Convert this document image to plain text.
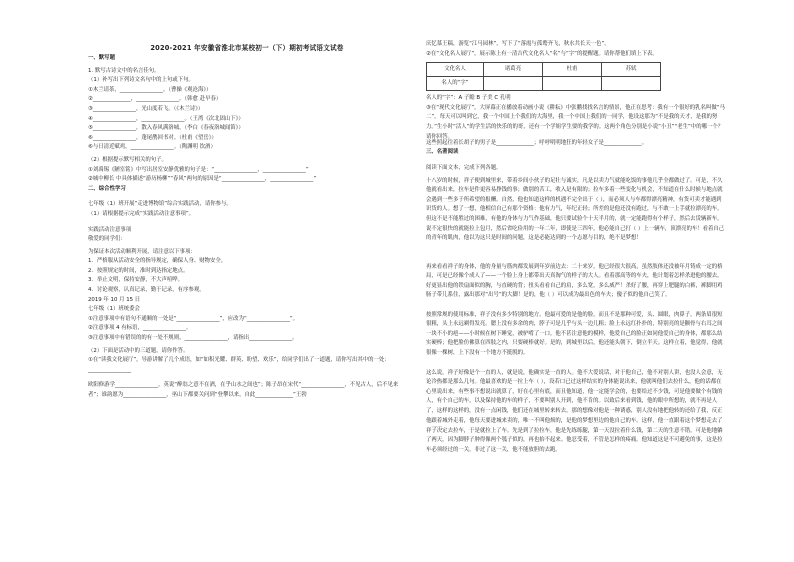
2020-2021 年安徽省淮北市某校初一（下）期初考试语文试卷
一、默写题
1. 默写古诗文中的名言佳句。
（1）补写出下列诗文名句中的上句或下句。
①木兰请茶，________________。（曹操《观沧海》）
②______________，________________。（韩愈 赴早春）
③________________，光山度若飞。（《木兰诗》）
④________________，________________。（王湾《次北固山下》）
⑤________________，散入春风满洛城。（李白《春夜洛城闻笛》）
⑥________________，蓬尾鹊回书对。（杜甫《望岳》）
⑥与日清近赋鸡，________________。（陶渊明 饮酒）
（2）根据提示默写相关的句子。
①刘禹锡《陋室铭》中写出居室安静优雅的句子是：“________________，________________”
②城中柳长 中具体描述“游历杨柳”“春风”两句的原因是“________________，________________”
二、综合性学习
七年级（1）班开展“走进博物馆”综合实践活动，请你参与。
（1）请根据提示完成“实践活动注意事项”。
实践活动注意事项
敬爱的同学们：
为保证本次活动顺利开展，请注意以下事项：
1．严格服从活动安全的指导规定，确保人身、财物安全。
2．按照规定的时间，准时到达指定地点。
3．举止文明，保持安静，不大声喧哗。
4．讨论观察，认真记录，勤于记录，有序参观。
2019 年 10 月 15 日
七年级（1）班统委会
①注意事项中有语句不通顺的一处是“________________”，应改为“________________”。
②注意事项 4 有标语，________________。
③注意事项中有错误的的有一处不规则，________________，请指出________________。
（2）下面是活动中的三道题，请你作答。
①在“读我文化展厅”，导游讲解了几个成语，如“如积光耀、群英、盼望、欢乐”，给同学们出了一道题，请你写出其中的一处：
________________
欧阳修游学________________，英说“醉翁之意不在酒，在乎山水之间也”；陈子昂在宋代“________________，不见古人，后不见来者”；谁韵愿为________________，巫山下都要关问到“登攀以来，自此______________”王勃
庆忆慕王稿，游览“江马园林”，写下了“落霞与孤鹜齐飞，秋水共长天一色”。
②在“文化名人展厅”，展示陈上有一清吉代文化名人“名”与“字”的提醒题。请你帮他们填上下表。
文化名人	诸葛亮	杜甫	苏轼
名人的“字”			
名人的“字”：A 子瞻 B 子美 C 孔明
③在“现代文化展厅”，大屏幕正在播放着动画小说《耕耘》中张鹏找找名言的情景，他正在思考：我有一个很好的乳名叫做“马二”，每天可以叫到它，我一个中国上个我们的大海里，我一个中国上我们的一同学，他设这那为“不是我的天才，是我的努力。”生小时“活人”的学生活的快乐的的哥，还有一个学姐学生要的我学的。这两个角色分别是小说“小丑”“老生”中的哪一个？请你回答。
这些照起往着长胡子的男子是______________；呼呼明明地狂的年轻女子是______________。
三、名著阅读
阅读下面文本，完成下列各题。
十八岁的时候，祥子便到城里来，带着乡间小伙子的足壮与诚实，凡是以卖力气就能吃饭的事他几乎全都做过了。可是，不久他就看出来，拉车是件更容易挣钱的事；做别的苦工，收入是有限的；拉车多着一些变化与机会，不知道在什么时候与地点就会遇到一些多于所希望的报酬。自然，他也知道这样的机遇不完全出于（ ），而必须人与车都得漂亮精神，有货可卖才能遇到识货的人。想了一想，他相信自己有那个资格：他有力气，年纪正轻；所差的是他还没有跑过，与不敢一上手就拉漂亮的车。但这不是不能胜过的困难，有他的身体与力气作基础，他只要试验个十天半月的，就一定能跑得有个样子，然后去赁辆新车，说不定很快的就能拉上包月，然后省吃俭用的一年二年，即使是三四年，他必能自己打（ ）上一辆车，顶漂亮的车！看着自己的青年的肌肉，他以为这只是时间的问题，这是必能达到的一个志愿与目的，绝不是梦想！
再来看看祥子的身体，他的身量与筋肉都发展到年岁前边去：二十来岁，他已经很大很高，虽然肢体还没被年月铸成一定的格局，可是已经像个成人了——一个脸上身上都带出天真淘气的样子的大人。看着那高等的车夫，他计划着怎样杀进他的腰去，好更显出他的铁扇面似的胸，与直硬的背；扭头看看自己的肩，多么宽，多么威严！杀好了腰，再穿上肥腿的白裤，裤脚用鸡肠子带儿系住，露出那对“出号”的大脚！是的，他（ ）可以成为最出色的车夫；傻子似的他自己笑了。
按照常规的使用标准，祥子没有多少特别的地方。他最可爱的是他的脸，而且不是那种可爱，头、圆眼，肉鼻子，两条眉很短很粗，头上永远剃得发亮。腮上没有多余的肉，脖子可是几乎与头一边儿粗；脸上永远红扑扑的，特别亮的是颧骨与右耳之间一块不小的疤——小时候在树下睡觉，被驴啃了一口。他不甚注意他的模样，他爱自己的脸正如同他爱自己的身体，都那么结实硬棒；他把脸仿佛算在四肢之内，只要硬棒就好。是的，到城里以后，他还能头朝下，倒立半天。这样立着，他觉得，他就很像一棵树，上下没有一个地方不挺脱的。
这么说，祥子好像是个一直的人，就是说，他确实是一直的人。他不大爱说话，对于他自己，他不对别人讲，也没人会意，无论冷热都是那么几句。他最喜欢的是一拉上车（ ），设若口已过这样结实的身体能说出来，他就叫他们去拉什么，他的话都在心里说出来，有些事不想说出就算了，好在心里有底，而且他知道，他一定能学会的，也要给过不少钱，可是他要做个有钱的人，有个自己的车，以及保持他的车的样子，不要叫别人开到，他不肯的。以致后来看到钱，他的眼中所想的，就不再是人了，这样的这样的，没有一点闲钱，他们还在城里转来转去。那的想像对他是一种诱惑，别人没有地把他转的还给了我，反正他跟着城外走着，他每天要进城来卖的，唯一不叫他烦的，是他的梦想里边的他自己的车。这样，他一直跟着这个梦想走去了
祥子决定去拉车，于是就拉上了车。先是到了拉拉车，他是先练练腿，第一天没拉着什么钱，第二天的生意不错，可是他地躺了两天，因为脚脖子肿得像两个瓠子似的，再也抬不起来。他忍受着，不管是怎样的疼痛。他知道这是不可避免的事，这是拉车必须经过的一关。非过了这一关，他不能放胆的去跑。
